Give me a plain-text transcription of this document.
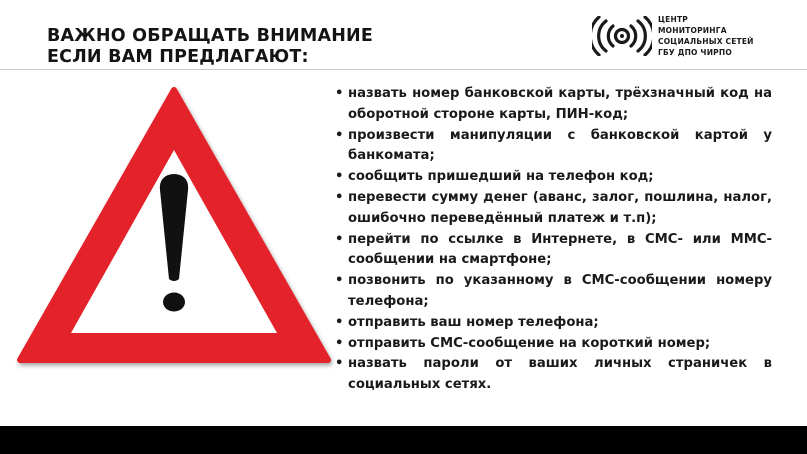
ВАЖНО ОБРАЩАТЬ ВНИМАНИЕ
ЕСЛИ ВАМ ПРЕДЛАГАЮТ:
ЦЕНТР
МОНИТОРИНГА
СОЦИАЛЬНЫХ СЕТЕЙ
ГБУ ДПО ЧИРПО
• назвать номер банковской карты, трёхзначный код на оборотной стороне карты, ПИН-код;
• произвести манипуляции с банковской картой у банкомата;
• сообщить пришедший на телефон код;
• перевести сумму денег (аванс, залог, пошлина, налог, ошибочно переведённый платеж и т.п);
• перейти по ссылке в Интернете, в СМС- или ММС-сообщении на смартфоне;
• позвонить по указанному в СМС-сообщении номеру телефона;
• отправить ваш номер телефона;
• отправить СМС-сообщение на короткий номер;
• назвать пароли от ваших личных страничек в социальных сетях.
